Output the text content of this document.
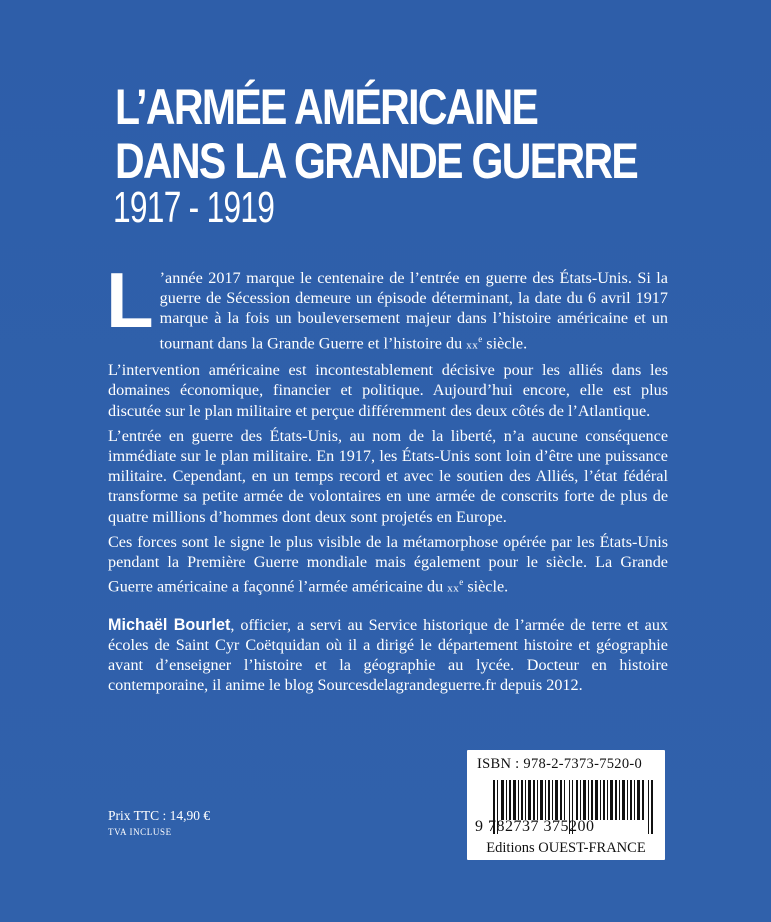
L’ARMÉE AMÉRICAINE
DANS LA GRANDE GUERRE
1917 - 1919

L ’année 2017 marque le centenaire de l’entrée en guerre des États-Unis. Si la guerre de Sécession demeure un épisode déterminant, la date du 6 avril 1917 marque à la fois un bouleversement majeur dans l’histoire américaine et un tournant dans la Grande Guerre et l’histoire du $xx^e$ siècle.

L’intervention américaine est incontestablement décisive pour les alliés dans les domaines économique, financier et politique. Aujourd’hui encore, elle est plus discutée sur le plan militaire et perçue différemment des deux côtés de l’Atlantique.

L’entrée en guerre des États-Unis, au nom de la liberté, n’a aucune conséquence immédiate sur le plan militaire. En 1917, les États-Unis sont loin d’être une puissance militaire. Cependant, en un temps record et avec le soutien des Alliés, l’état fédéral transforme sa petite armée de volontaires en une armée de conscrits forte de plus de quatre millions d’hommes dont deux sont projetés en Europe.

Ces forces sont le signe le plus visible de la métamorphose opérée par les États-Unis pendant la Première Guerre mondiale mais également pour le siècle. La Grande Guerre américaine a façonné l’armée américaine du $xx^e$ siècle.

Michaël Bourlet, officier, a servi au Service historique de l’armée de terre et aux écoles de Saint Cyr Coëtquidan où il a dirigé le département histoire et géographie avant d’enseigner l’histoire et la géographie au lycée. Docteur en histoire contemporaine, il anime le blog Sourcesdelagrandeguerre.fr depuis 2012.

Prix TTC : 14,90 €
TVA INCLUSE
ISBN : 978-2-7373-7520-0
9 782737 375200
Editions OUEST-FRANCE
